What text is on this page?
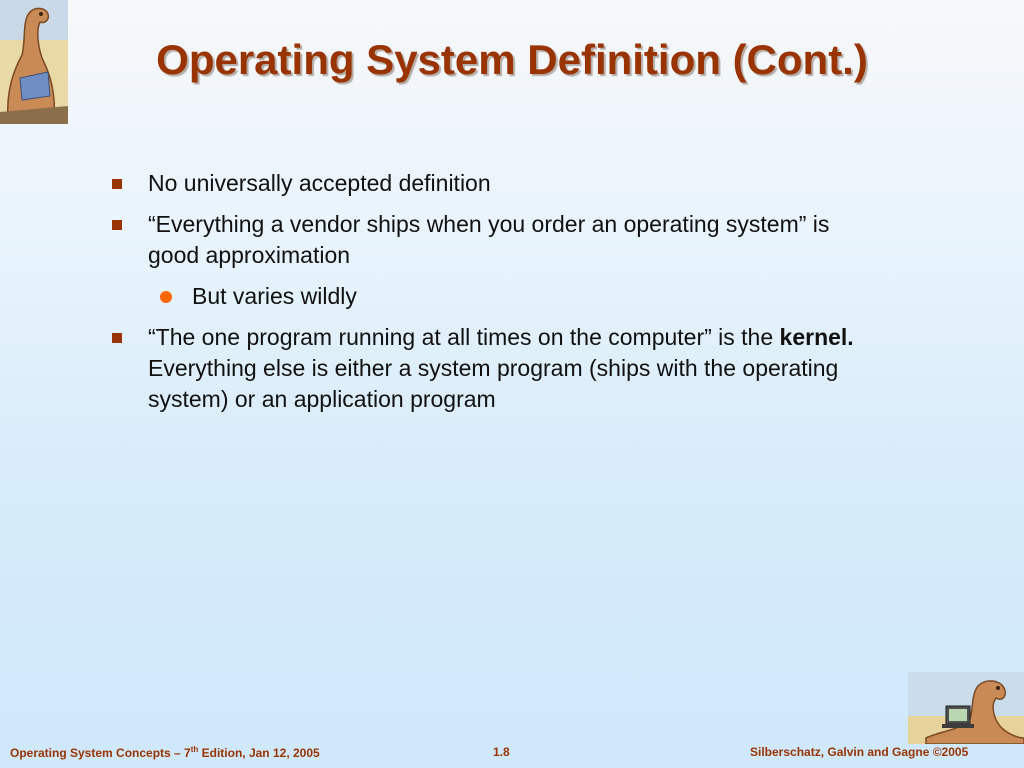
Operating System Definition (Cont.)
No universally accepted definition
“Everything a vendor ships when you order an operating system” is good approximation
But varies wildly
“The one program running at all times on the computer” is the kernel.  Everything else is either a system program (ships with the operating system) or an application program
Operating System Concepts – 7th Edition, Jan 12, 2005	1.8	Silberschatz, Galvin and Gagne ©2005
